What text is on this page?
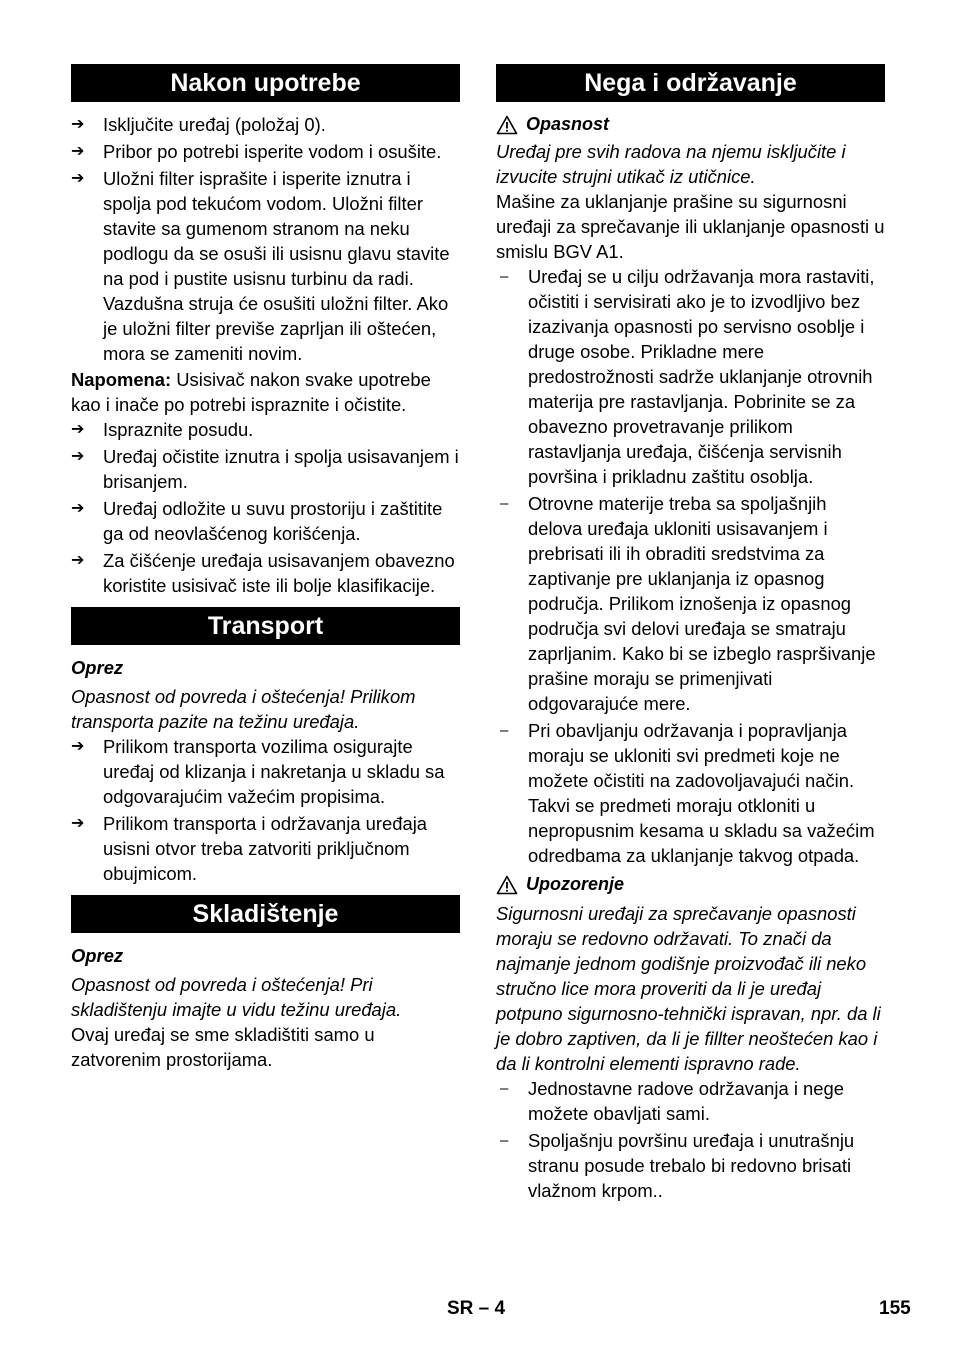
Nakon upotrebe
➔	Isključite uređaj (položaj 0).
➔	Pribor po potrebi isperite vodom i osušite.
➔	Uložni filter isprašite i isperite iznutra i spolja pod tekućom vodom. Uložni filter stavite sa gumenom stranom na neku podlogu da se osuši ili usisnu glavu stavite na pod i pustite usisnu turbinu da radi. Vazdušna struja će osušiti uložni filter. Ako je uložni filter previše zaprljan ili oštećen, mora se zameniti novim.

Napomena: Usisivač nakon svake upotrebe kao i inače po potrebi ispraznite i očistite.

➔	Ispraznite posudu.
➔	Uređaj očistite iznutra i spolja usisavanjem i brisanjem.
➔	Uređaj odložite u suvu prostoriju i zaštitite ga od neovlašćenog korišćenja.
➔	Za čišćenje uređaja usisavanjem obavezno koristite usisivač iste ili bolje klasifikacije.
Transport

Oprez

Opasnost od povreda i oštećenja! Prilikom transporta pazite na težinu uređaja.

➔	Prilikom transporta vozilima osigurajte uređaj od klizanja i nakretanja u skladu sa odgovarajućim važećim propisima.
➔	Prilikom transporta i održavanja uređaja usisni otvor treba zatvoriti priključnom obujmicom.
Skladištenje

Oprez

Opasnost od povreda i oštećenja! Pri skladištenju imajte u vidu težinu uređaja.

Ovaj uređaj se sme skladištiti samo u zatvorenim prostorijama.

Nega i održavanje
Opasnost

Uređaj pre svih radova na njemu isključite i izvucite strujni utikač iz utičnice.

Mašine za uklanjanje prašine su sigurnosni uređaji za sprečavanje ili uklanjanje opasnosti u smislu BGV A1.

–	Uređaj se u cilju održavanja mora rastaviti, očistiti i servisirati ako je to izvodljivo bez izazivanja opasnosti po servisno osoblje i druge osobe. Prikladne mere predostrožnosti sadrže uklanjanje otrovnih materija pre rastavljanja. Pobrinite se za obavezno provetravanje prilikom rastavljanja uređaja, čišćenja servisnih površina i prikladnu zaštitu osoblja.
–	Otrovne materije treba sa spoljašnjih delova uređaja ukloniti usisavanjem i prebrisati ili ih obraditi sredstvima za zaptivanje pre uklanjanja iz opasnog područja. Prilikom iznošenja iz opasnog područja svi delovi uređaja se smatraju zaprljanim. Kako bi se izbeglo raspršivanje prašine moraju se primenjivati odgovarajuće mere.
–	Pri obavljanju održavanja i popravljanja moraju se ukloniti svi predmeti koje ne možete očistiti na zadovoljavajući način. Takvi se predmeti moraju otkloniti u nepropusnim kesama u skladu sa važećim odredbama za uklanjanje takvog otpada.
Upozorenje

Sigurnosni uređaji za sprečavanje opasnosti moraju se redovno održavati. To znači da najmanje jednom godišnje proizvođač ili neko stručno lice mora proveriti da li je uređaj potpuno sigurnosno-tehnički ispravan, npr. da li je dobro zaptiven, da li je fillter neoštećen kao i da li kontrolni elementi ispravno rade.

–	Jednostavne radove održavanja i nege možete obavljati sami.
–	Spoljašnju površinu uređaja i unutrašnju stranu posude trebalo bi redovno brisati vlažnom krpom..
SR – 4	155
